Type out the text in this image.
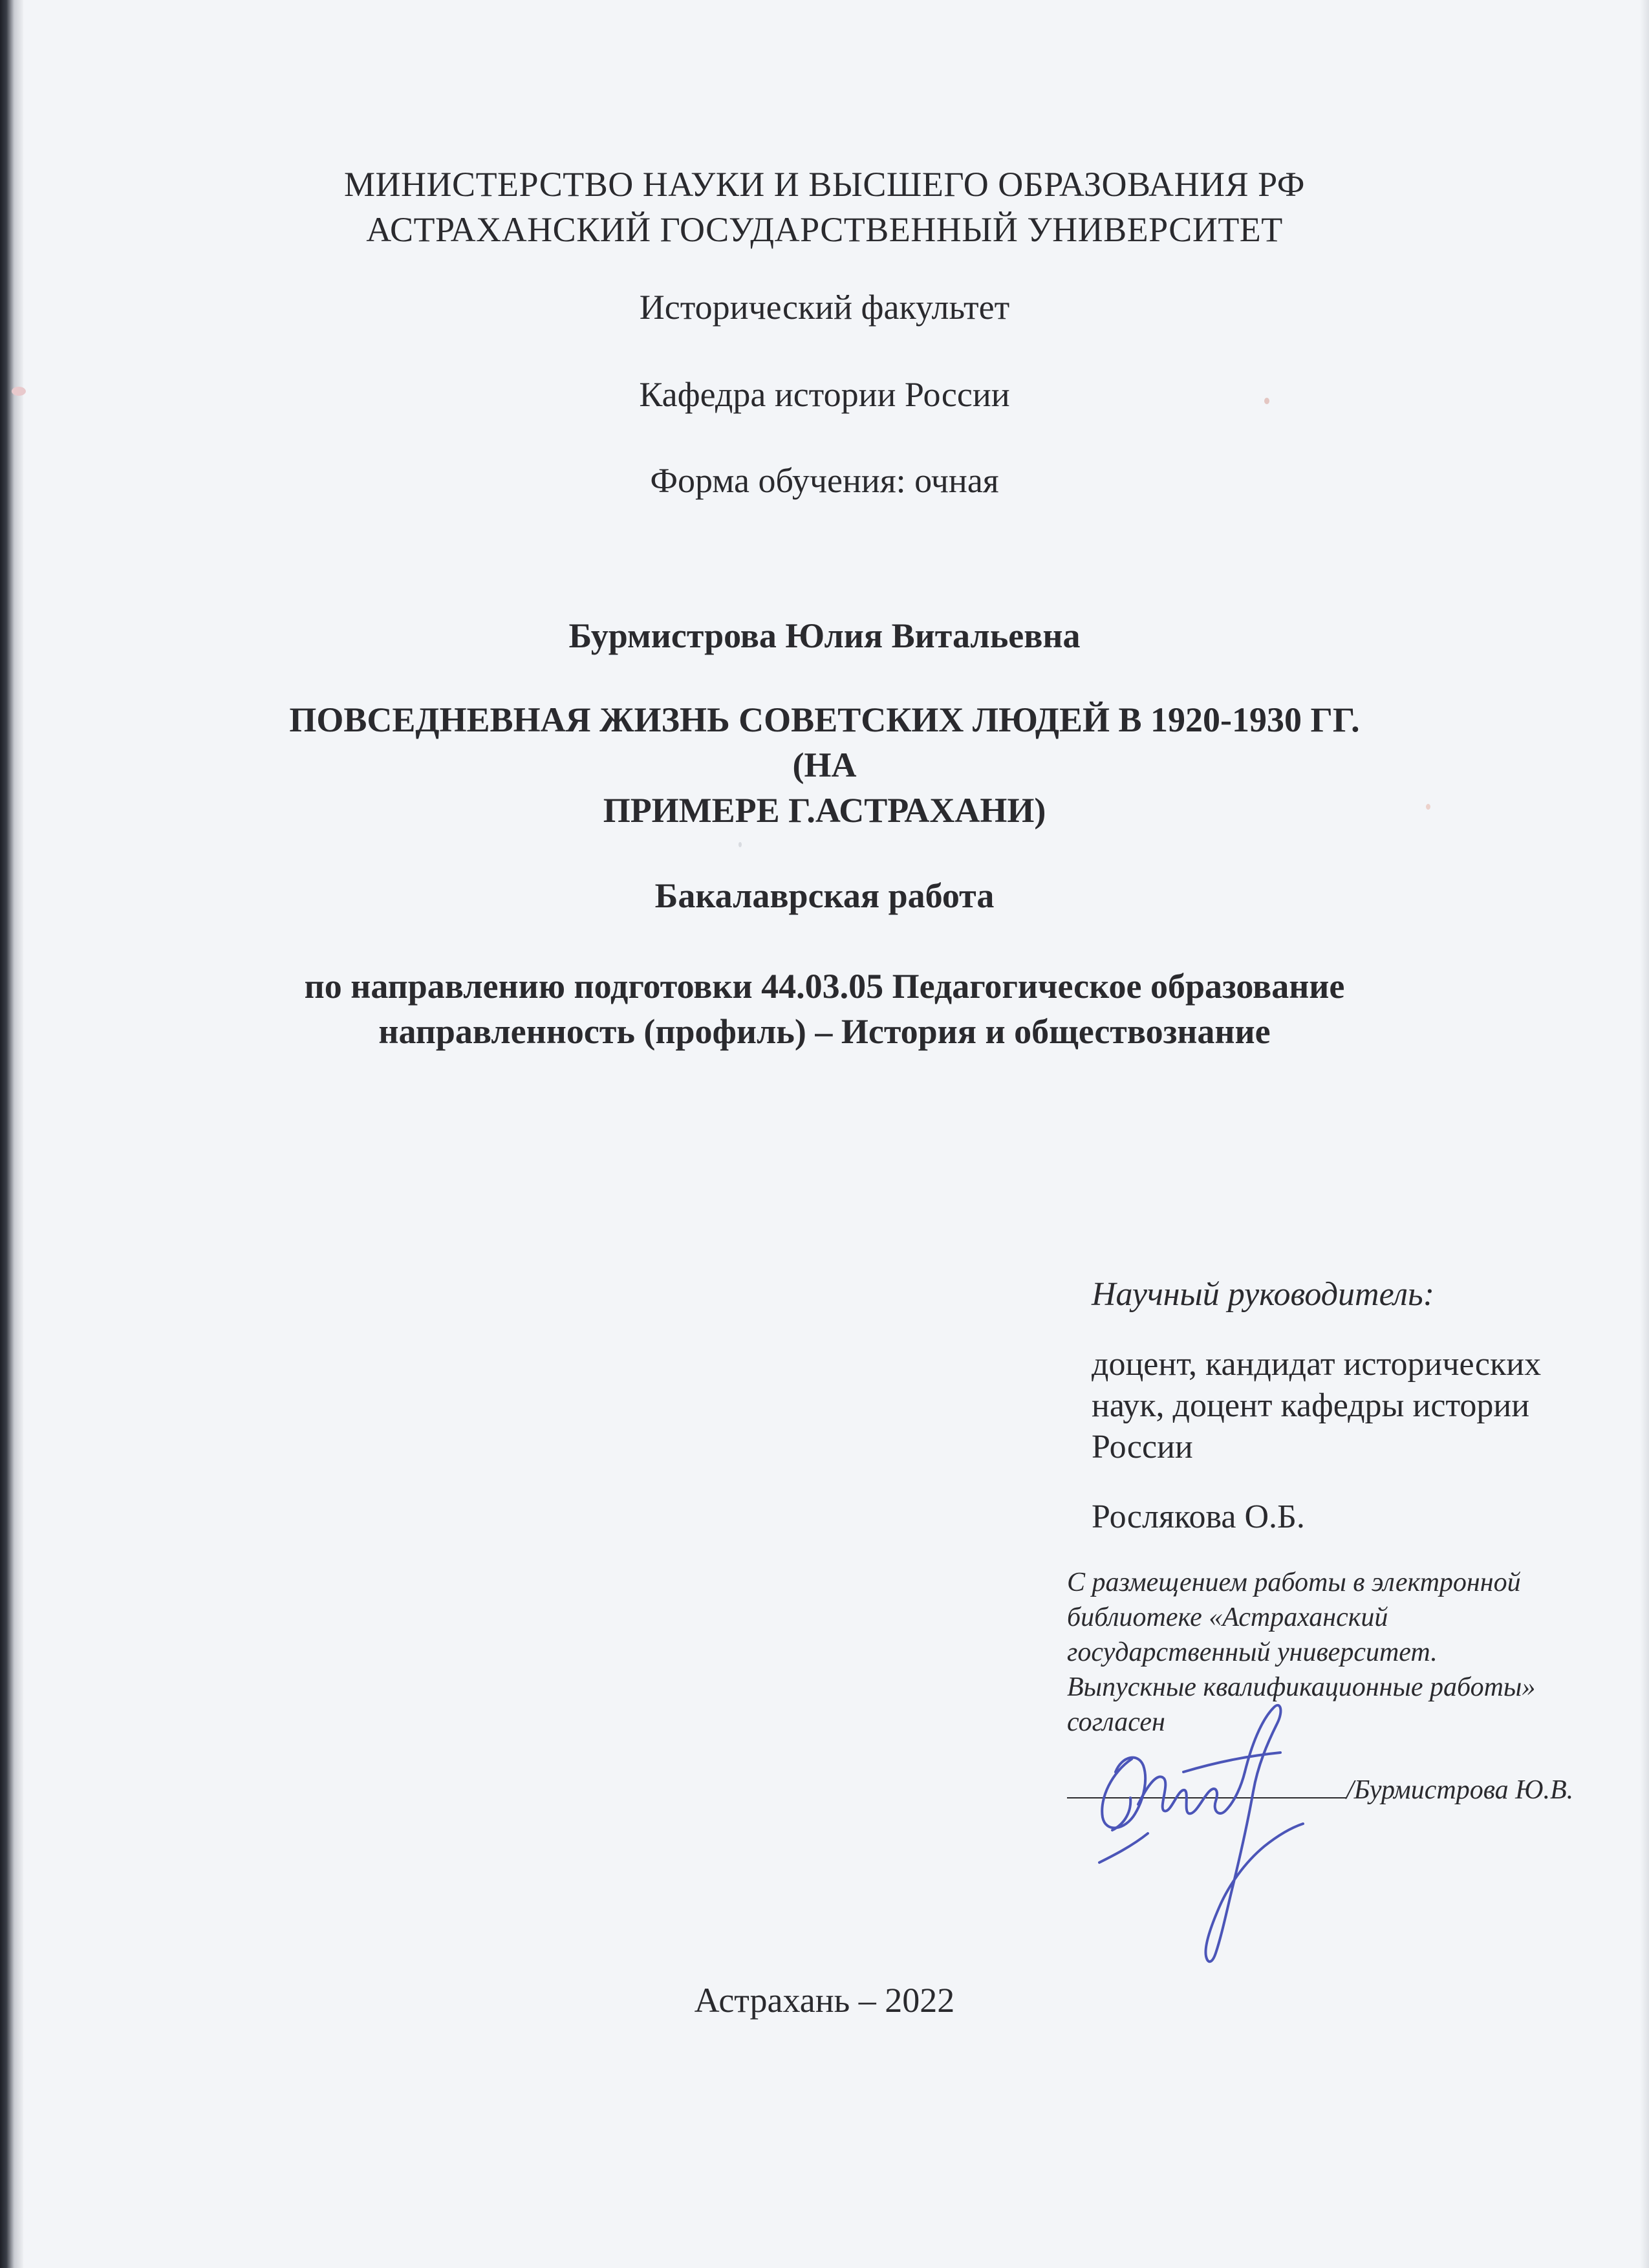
МИНИСТЕРСТВО НАУКИ И ВЫСШЕГО ОБРАЗОВАНИЯ РФ
АСТРАХАНСКИЙ ГОСУДАРСТВЕННЫЙ УНИВЕРСИТЕТ
Исторический факультет
Кафедра истории России
Форма обучения: очная
Бурмистрова Юлия Витальевна
ПОВСЕДНЕВНАЯ ЖИЗНЬ СОВЕТСКИХ ЛЮДЕЙ В 1920-1930 ГГ. (НА
ПРИМЕРЕ Г.АСТРАХАНИ)
Бакалаврская работа
по направлению подготовки 44.03.05 Педагогическое образование
направленность (профиль) – История и обществознание
Научный руководитель:
доцент, кандидат исторических
наук, доцент кафедры истории
России
Рослякова О.Б.
С размещением работы в электронной
библиотеке «Астраханский
государственный университет.
Выпускные квалификационные работы»
согласен
/Бурмистрова Ю.В.
Астрахань – 2022
